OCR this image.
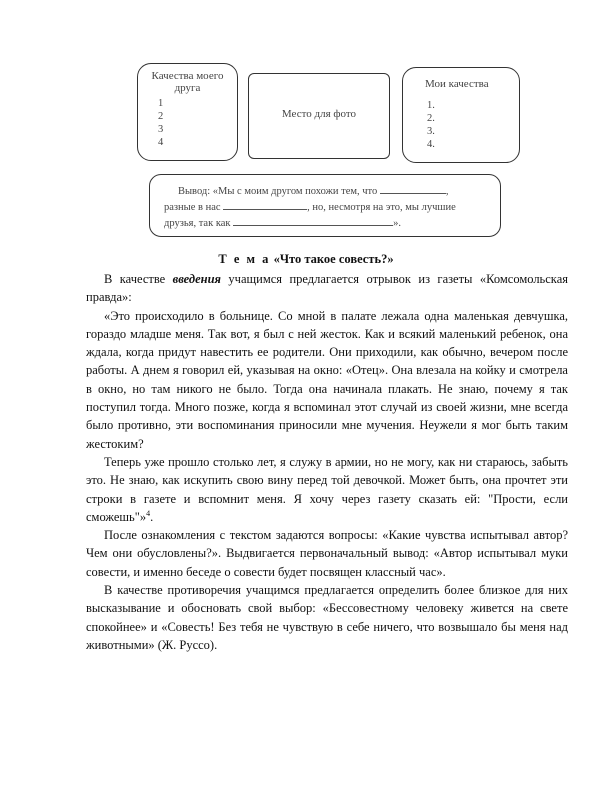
Качества моего друга
1
2
3
4
Место для фото
Мои качества
1.
2.
3.
4.
Вывод: «Мы с моим другом похожи тем, что	,
разные в нас	, но, несмотря на это, мы лучшие
друзья, так как	».
Т е м а «Что такое совесть?»

В качестве введения учащимся предлагается отрывок из газеты «Комсомольская правда»:

«Это происходило в больнице. Со мной в палате лежала одна маленькая девчушка, гораздо младше меня. Так вот, я был с ней жесток. Как и всякий маленький ребенок, она ждала, когда придут навестить ее родители. Они приходили, как обычно, вечером после работы. А днем я говорил ей, указывая на окно: «Отец». Она влезала на койку и смотрела в окно, но там никого не было. Тогда она начинала плакать. Не знаю, почему я так поступил тогда. Много позже, когда я вспоминал этот случай из своей жизни, мне всегда было противно, эти воспоминания приносили мне мучения. Неужели я мог быть таким жестоким?

Теперь уже прошло столько лет, я служу в армии, но не могу, как ни стараюсь, забыть это. Не знаю, как искупить свою вину перед той девочкой. Может быть, она прочтет эти строки в газете и вспомнит меня. Я хочу через газету сказать ей: "Прости, если сможешь"»$^4$.

После ознакомления с текстом задаются вопросы: «Какие чувства испытывал автор? Чем они обусловлены?». Выдвигается первоначальный вывод: «Автор испытывал муки совести, и именно беседе о совести будет посвящен классный час».

В качестве противоречия учащимся предлагается определить более близкое для них высказывание и обосновать свой выбор: «Бессовестному человеку живется на свете спокойнее» и «Совесть! Без тебя не чувствую в себе ничего, что возвышало бы меня над животными» (Ж. Руссо).
